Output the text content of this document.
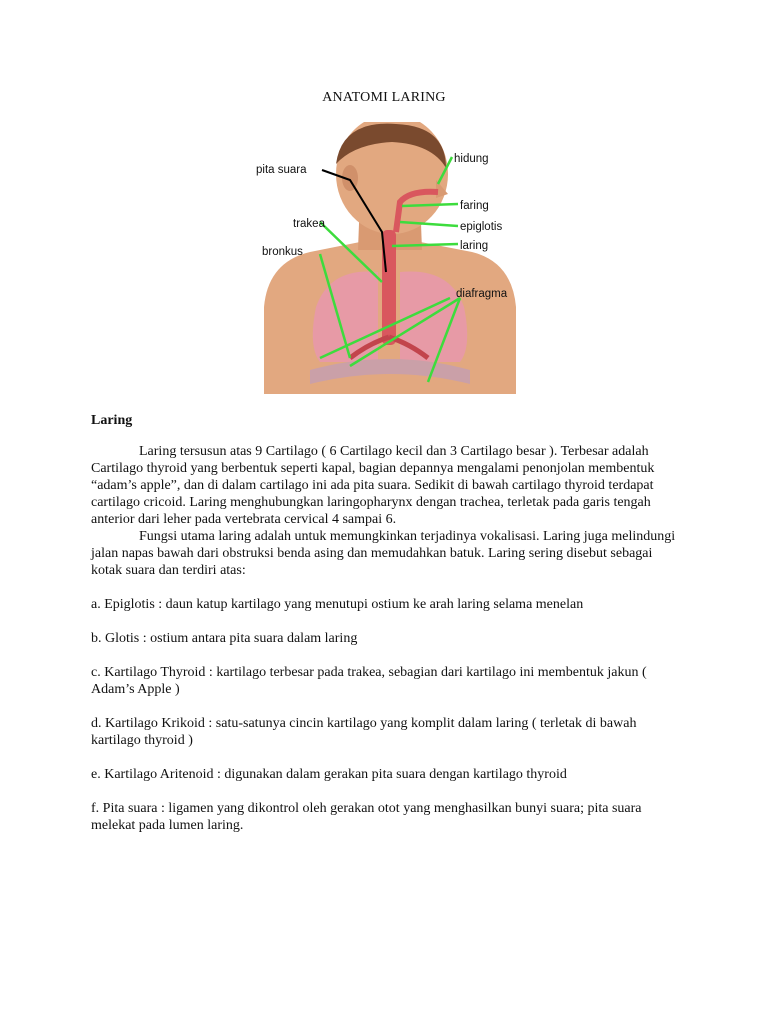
ANATOMI LARING
pita suara
trakea
bronkus
hidung
faring
epiglotis
laring
diafragma

Laring

Laring tersusun atas 9 Cartilago ( 6 Cartilago kecil dan 3 Cartilago besar ). Terbesar adalah Cartilago thyroid yang berbentuk seperti kapal, bagian depannya mengalami penonjolan membentuk “adam’s apple”, dan di dalam cartilago ini ada pita suara. Sedikit di bawah cartilago thyroid terdapat cartilago cricoid. Laring menghubungkan laringopharynx dengan trachea, terletak pada garis tengah anterior dari leher pada vertebrata cervical 4 sampai 6.

Fungsi utama laring adalah untuk memungkinkan terjadinya vokalisasi. Laring juga melindungi jalan napas bawah dari obstruksi benda asing dan memudahkan batuk. Laring sering disebut sebagai kotak suara dan terdiri atas:

a. Epiglotis : daun katup kartilago yang menutupi ostium ke arah laring selama menelan

b. Glotis : ostium antara pita suara dalam laring

c. Kartilago Thyroid : kartilago terbesar pada trakea, sebagian dari kartilago ini membentuk jakun ( Adam’s Apple )

d. Kartilago Krikoid : satu-satunya cincin kartilago yang komplit dalam laring ( terletak di bawah kartilago thyroid )

e. Kartilago Aritenoid : digunakan dalam gerakan pita suara dengan kartilago thyroid

f. Pita suara : ligamen yang dikontrol oleh gerakan otot yang menghasilkan bunyi suara; pita suara melekat pada lumen laring.
